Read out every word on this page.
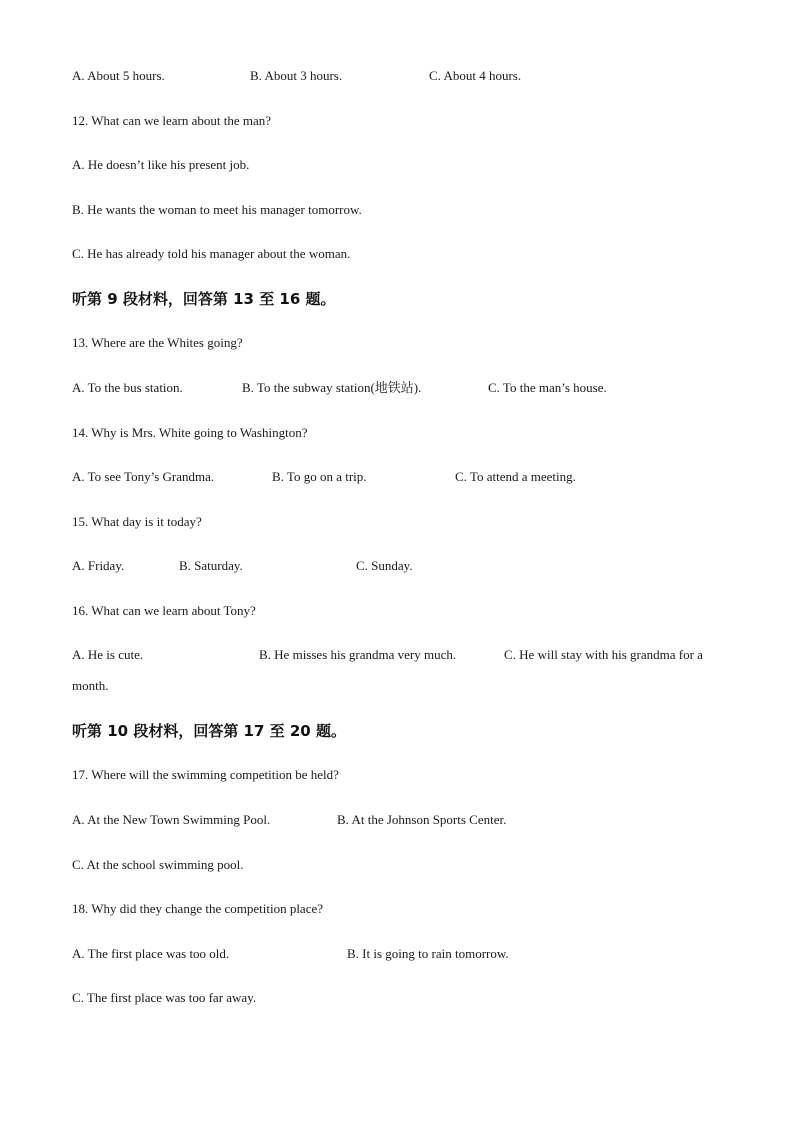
A. About 5 hours.	B. About 3 hours.	C. About 4 hours.
12. What can we learn about the man?
A. He doesn’t like his present job.
B. He wants the woman to meet his manager tomorrow.
C. He has already told his manager about the woman.
听第 9 段材料，回答第 13 至 16 题。
13. Where are the Whites going?
A. To the bus station.	B. To the subway station(地铁站).	C. To the man’s house.
14. Why is Mrs. White going to Washington?
A. To see Tony’s Grandma.	B. To go on a trip.	C. To attend a meeting.
15. What day is it today?
A. Friday.	B. Saturday.	C. Sunday.
16. What can we learn about Tony?
A. He is cute.	B. He misses his grandma very much.	C. He will stay with his grandma for a
month.
听第 10 段材料，回答第 17 至 20 题。
17. Where will the swimming competition be held?
A. At the New Town Swimming Pool.	B. At the Johnson Sports Center.
C. At the school swimming pool.
18. Why did they change the competition place?
A. The first place was too old.	B. It is going to rain tomorrow.
C. The first place was too far away.
